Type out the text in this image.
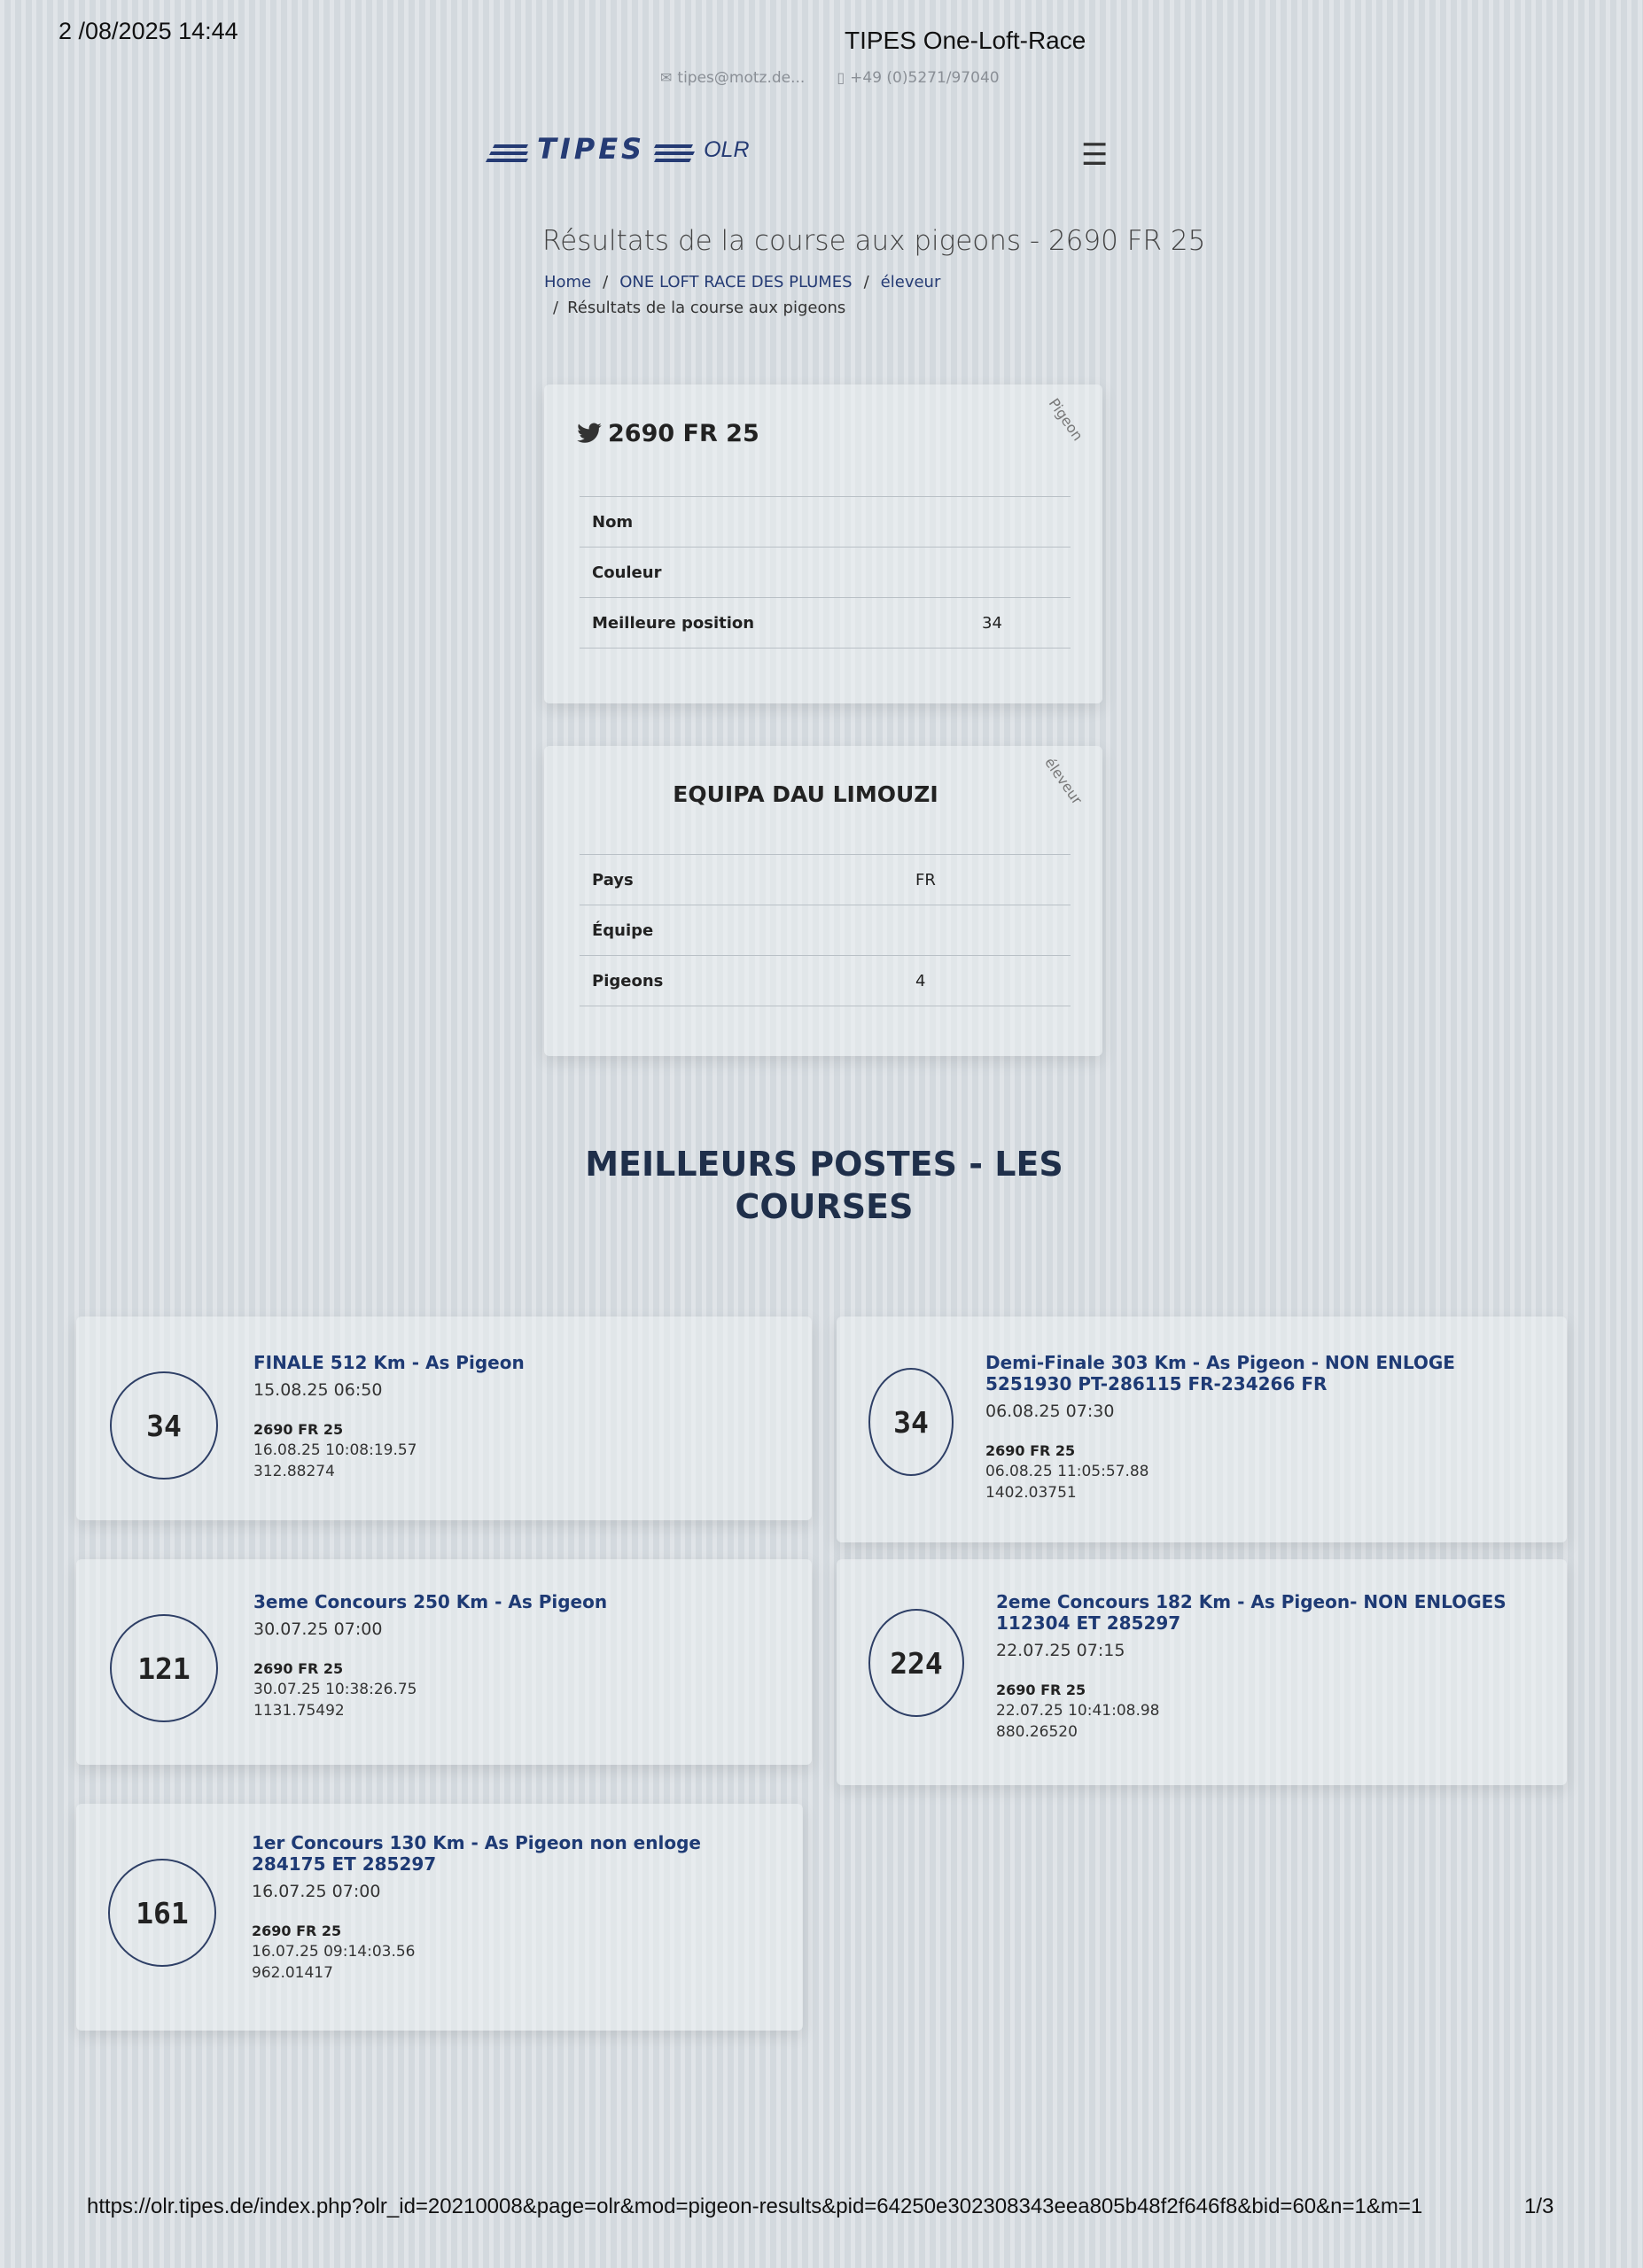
2 /08/2025 14:44	TIPES One-Loft-Race
✉ tipes@motz.de... ▯ +49 (0)5271/97040
TIPES	OLR	☰
Résultats de la course aux pigeons - 2690 FR 25
Home / ONE LOFT RACE DES PLUMES / éleveur
/ Résultats de la course aux pigeons
Pigeon
2690 FR 25
Nom
Couleur
Meilleure position	34
éleveur
EQUIPA DAU LIMOUZI
Pays	FR
Équipe
Pigeons	4
MEILLEURS POSTES - LES
COURSES
34
FINALE 512 Km - As Pigeon
15.08.25 06:50
2690 FR 25
16.08.25 10:08:19.57
312.88274
34
Demi-Finale 303 Km - As Pigeon - NON ENLOGE 5251930 PT-286115 FR-234266 FR
06.08.25 07:30
2690 FR 25
06.08.25 11:05:57.88
1402.03751
121
3eme Concours 250 Km - As Pigeon
30.07.25 07:00
2690 FR 25
30.07.25 10:38:26.75
1131.75492
224
2eme Concours 182 Km - As Pigeon- NON ENLOGES 112304 ET 285297
22.07.25 07:15
2690 FR 25
22.07.25 10:41:08.98
880.26520
161
1er Concours 130 Km - As Pigeon non enloge 284175 ET 285297
16.07.25 07:00
2690 FR 25
16.07.25 09:14:03.56
962.01417
https://olr.tipes.de/index.php?olr_id=20210008&page=olr&mod=pigeon-results&pid=64250e302308343eea805b48f2f646f8&bid=60&n=1&m=1	1/3
